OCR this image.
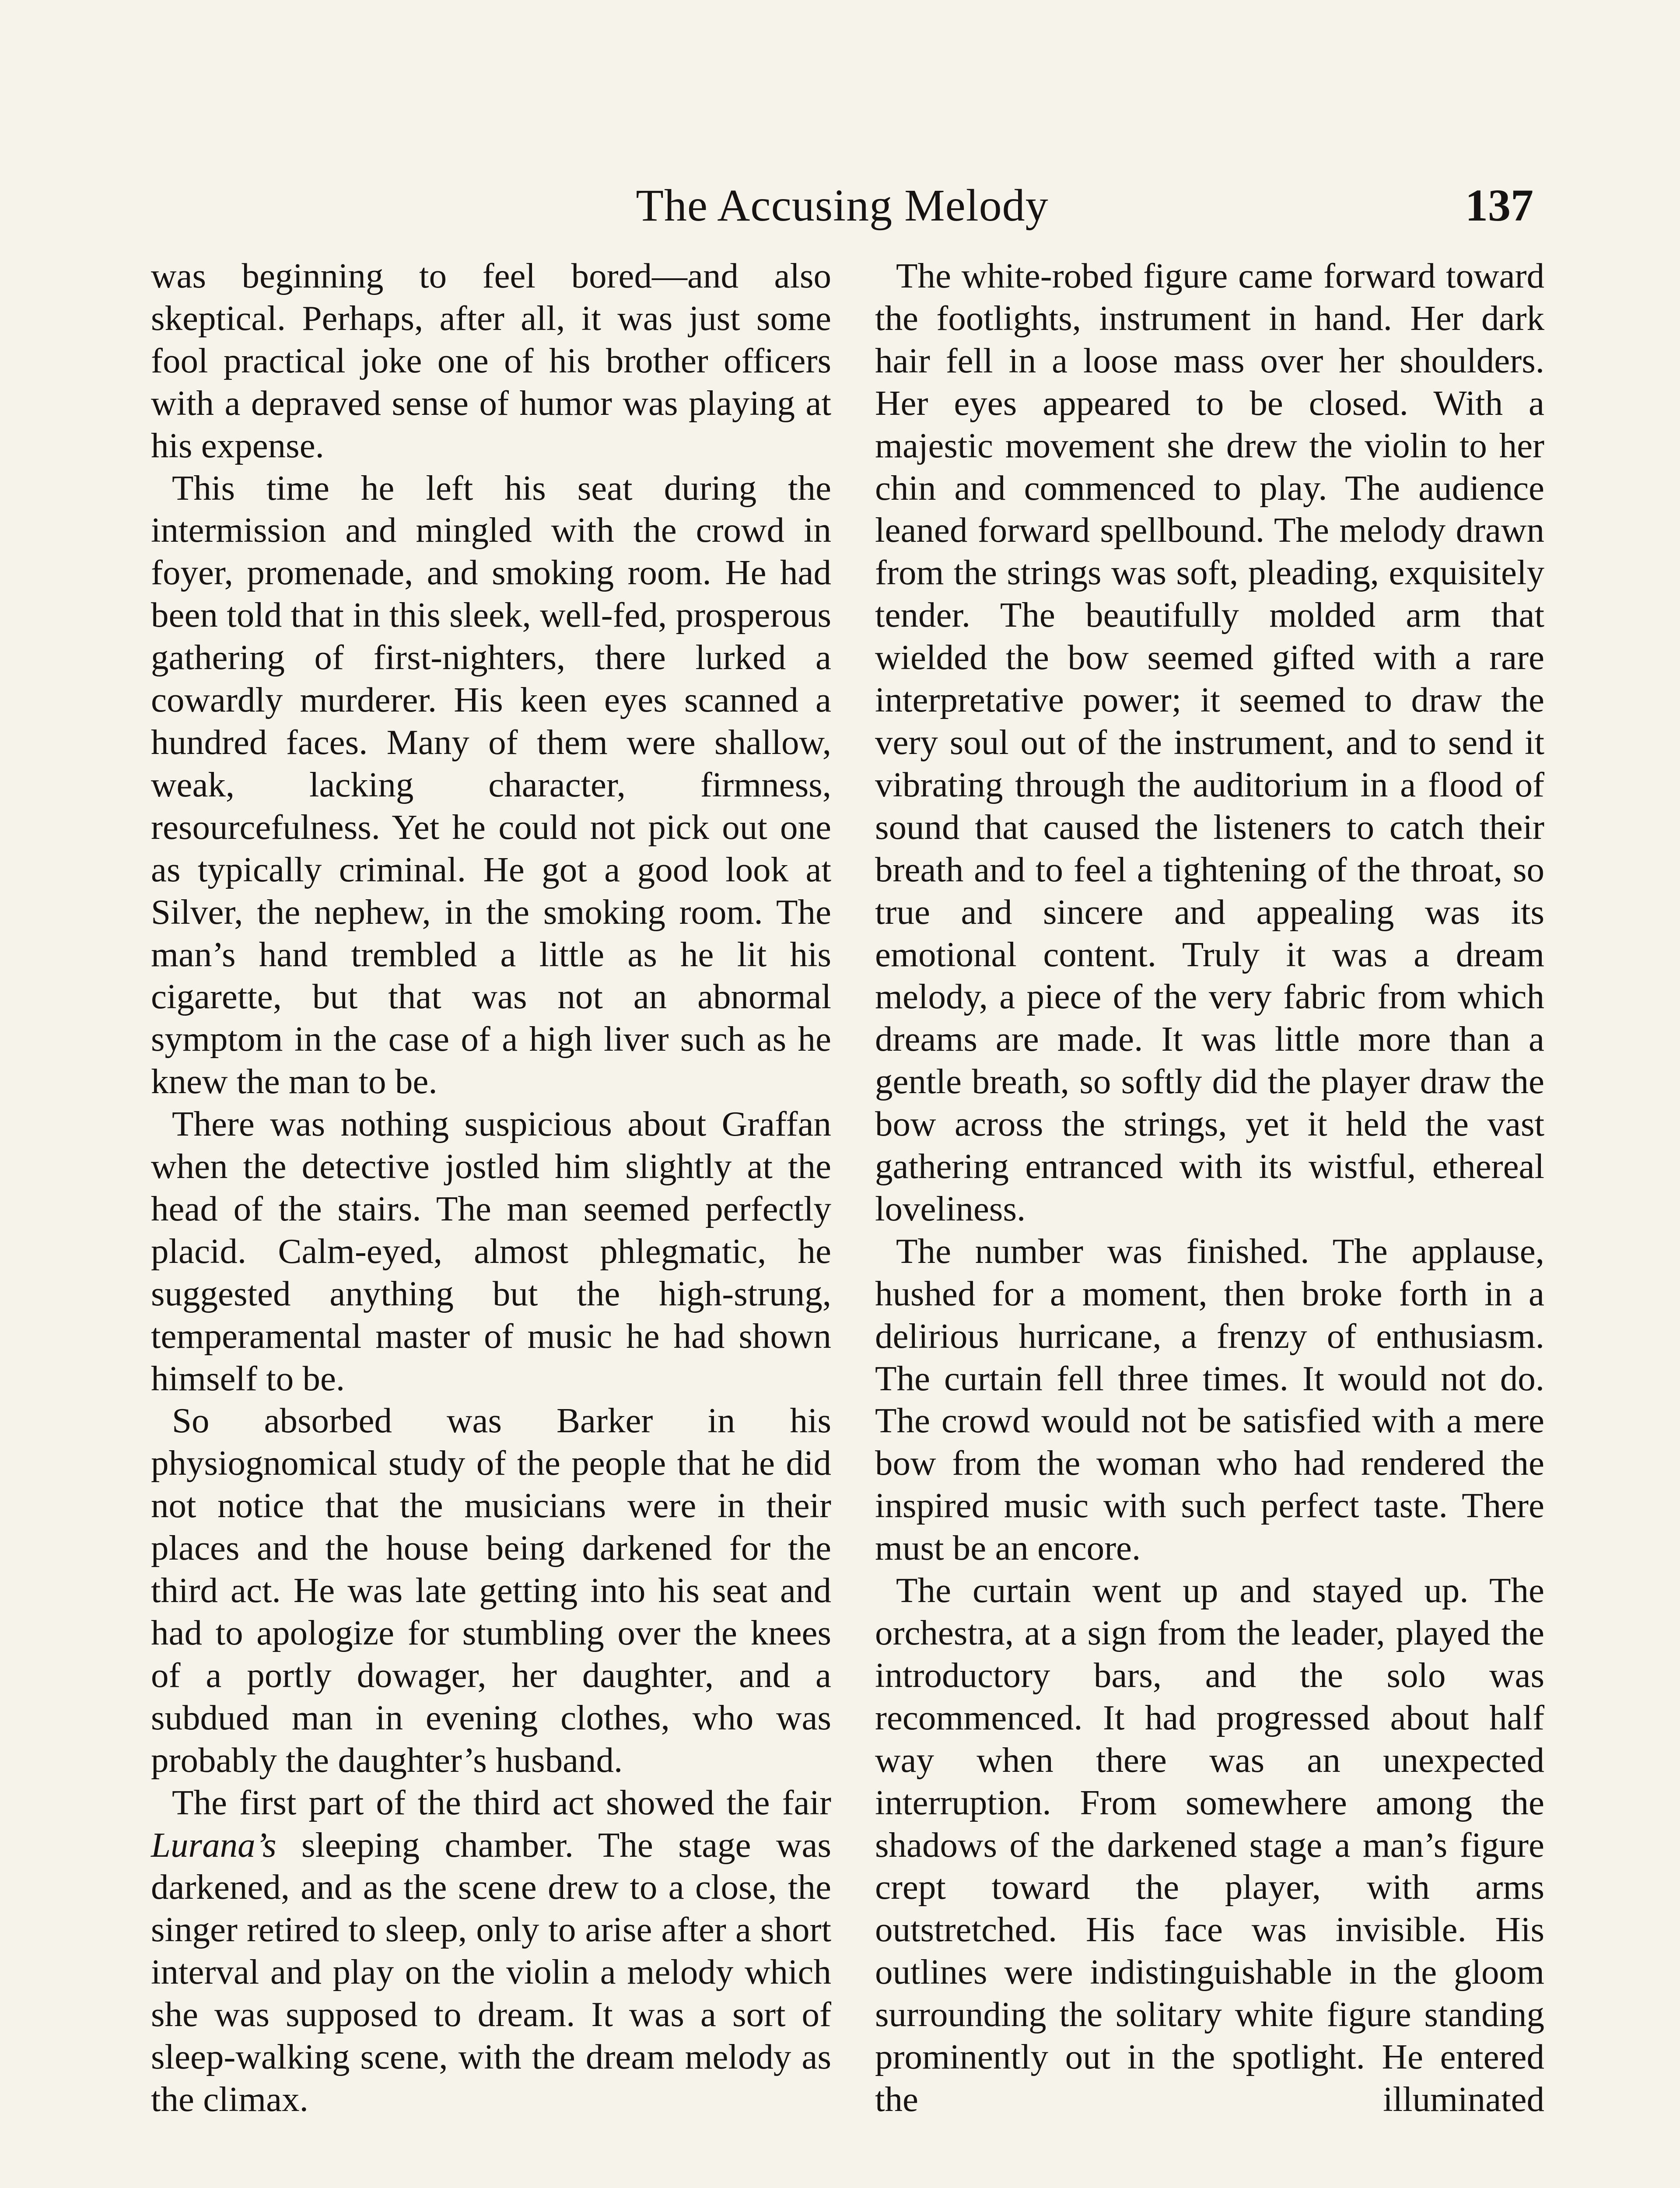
The Accusing Melody	137

was beginning to feel bored—and also skeptical. Perhaps, after all, it was just some fool practical joke one of his brother officers with a depraved sense of humor was playing at his expense.

This time he left his seat during the intermission and mingled with the crowd in foyer, promenade, and smoking room. He had been told that in this sleek, well-fed, prosperous gathering of first-nighters, there lurked a cowardly murderer. His keen eyes scanned a hundred faces. Many of them were shallow, weak, lacking character, firmness, resourcefulness. Yet he could not pick out one as typically criminal. He got a good look at Silver, the nephew, in the smoking room. The man’s hand trembled a little as he lit his cigarette, but that was not an abnormal symptom in the case of a high liver such as he knew the man to be.

There was nothing suspicious about Graffan when the detective jostled him slightly at the head of the stairs. The man seemed perfectly placid. Calm-eyed, almost phlegmatic, he suggested anything but the high-strung, temperamental master of music he had shown himself to be.

So absorbed was Barker in his physiognomical study of the people that he did not notice that the musicians were in their places and the house being darkened for the third act. He was late getting into his seat and had to apologize for stumbling over the knees of a portly dowager, her daughter, and a subdued man in evening clothes, who was probably the daughter’s husband.

The first part of the third act showed the fair Lurana’s sleeping chamber. The stage was darkened, and as the scene drew to a close, the singer retired to sleep, only to arise after a short interval and play on the violin a melody which she was supposed to dream. It was a sort of sleep-walking scene, with the dream melody as the climax.

The white-robed figure came forward toward the footlights, instrument in hand. Her dark hair fell in a loose mass over her shoulders. Her eyes appeared to be closed. With a majestic movement she drew the violin to her chin and commenced to play. The audience leaned forward spellbound. The melody drawn from the strings was soft, pleading, exquisitely tender. The beautifully molded arm that wielded the bow seemed gifted with a rare interpretative power; it seemed to draw the very soul out of the instrument, and to send it vibrating through the auditorium in a flood of sound that caused the listeners to catch their breath and to feel a tightening of the throat, so true and sincere and appealing was its emotional content. Truly it was a dream melody, a piece of the very fabric from which dreams are made. It was little more than a gentle breath, so softly did the player draw the bow across the strings, yet it held the vast gathering entranced with its wistful, ethereal loveliness.

The number was finished. The applause, hushed for a moment, then broke forth in a delirious hurricane, a frenzy of enthusiasm. The curtain fell three times. It would not do. The crowd would not be satisfied with a mere bow from the woman who had rendered the inspired music with such perfect taste. There must be an encore.

The curtain went up and stayed up. The orchestra, at a sign from the leader, played the introductory bars, and the solo was recommenced. It had progressed about half way when there was an unexpected interruption. From somewhere among the shadows of the darkened stage a man’s figure crept toward the player, with arms outstretched. His face was invisible. His outlines were indistinguishable in the gloom surrounding the solitary white figure standing prominently out in the spotlight. He entered the illuminated
